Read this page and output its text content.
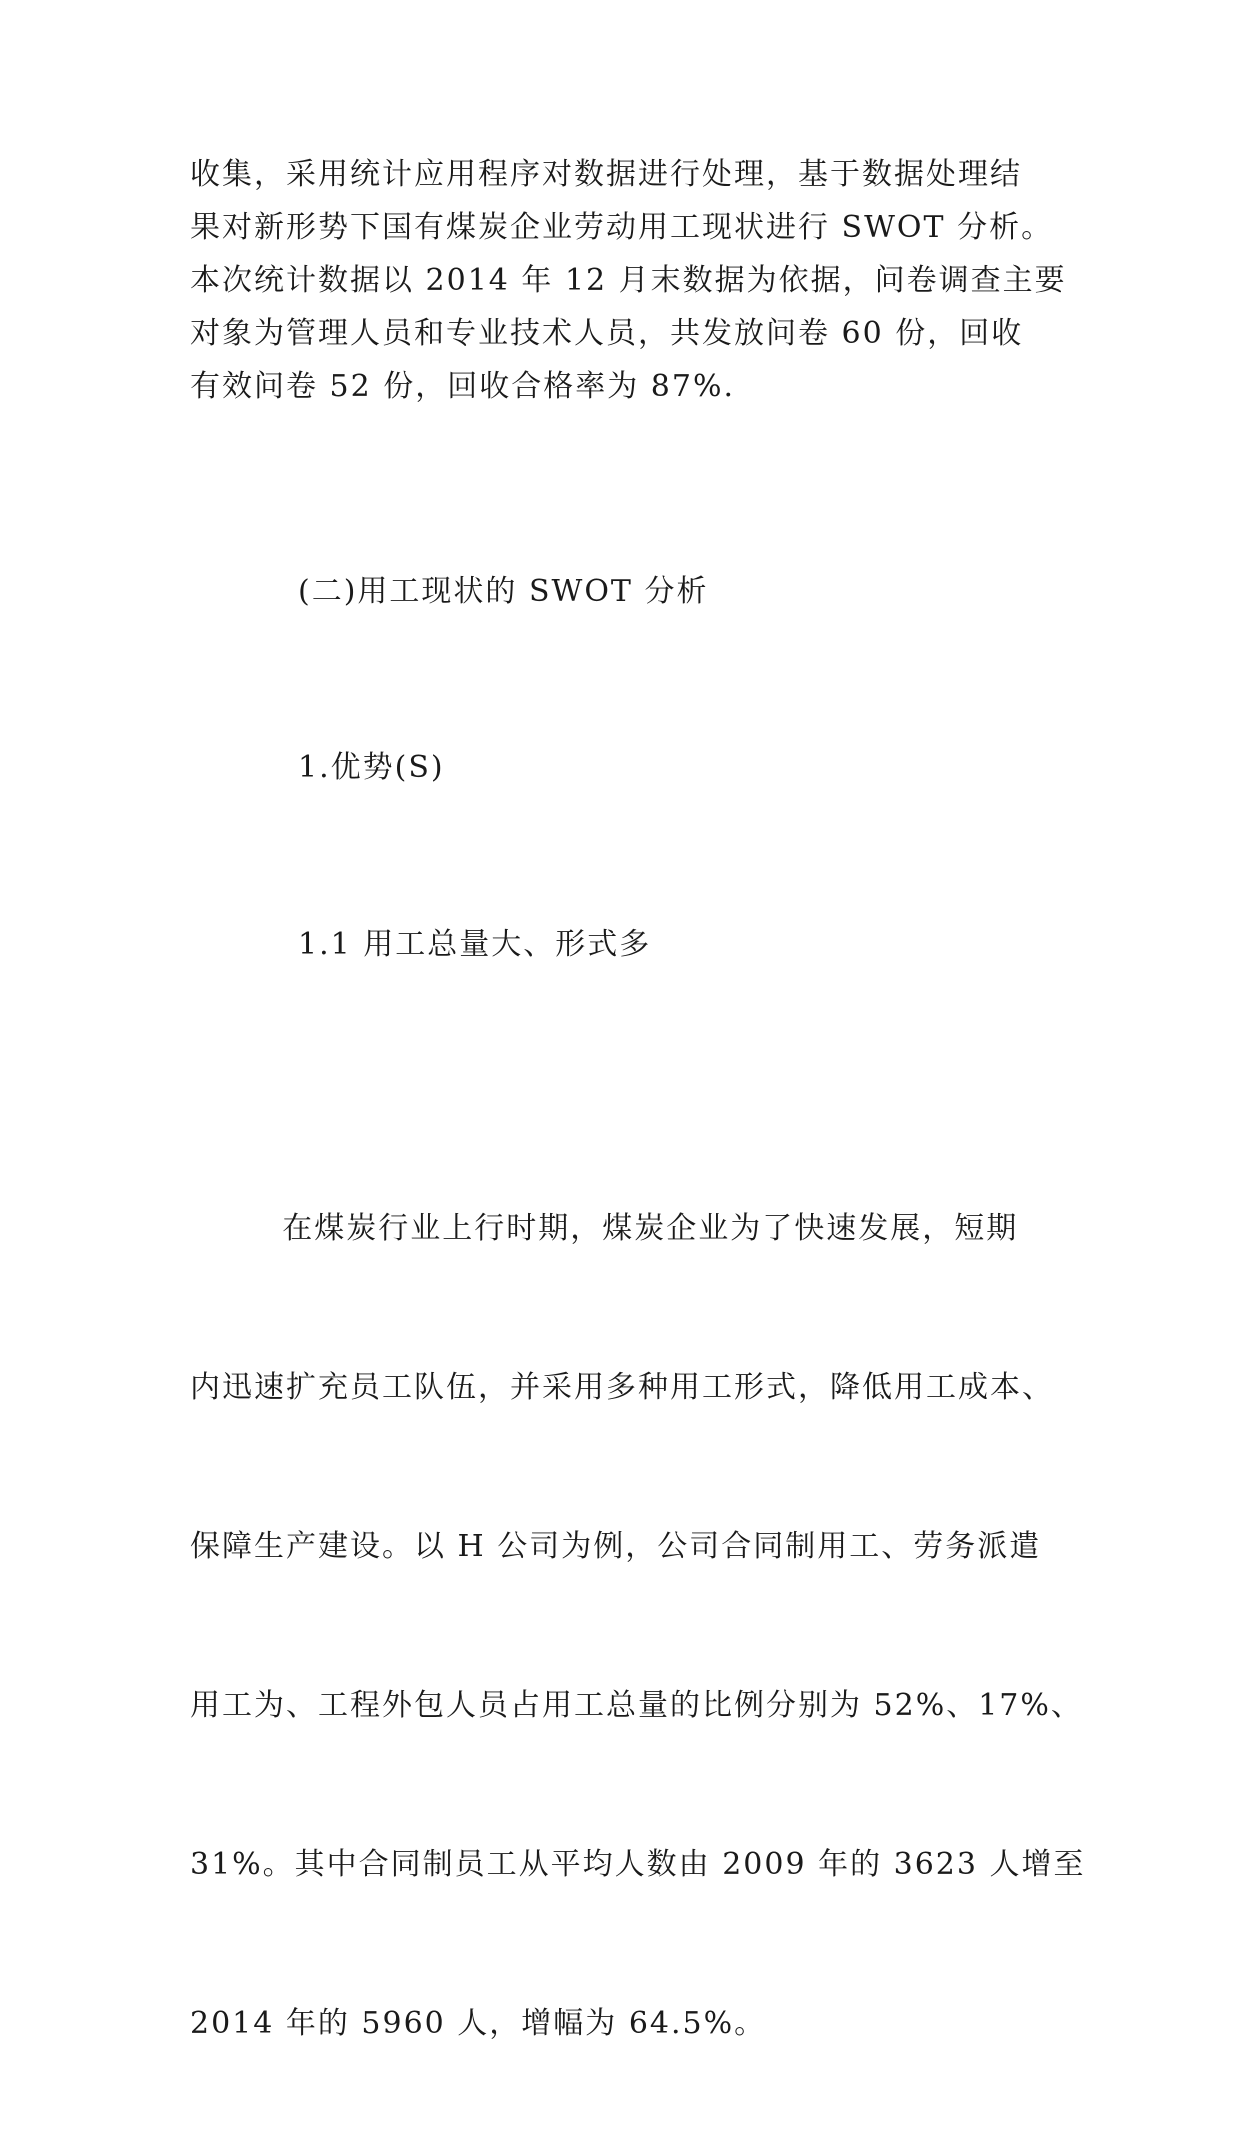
收集，采用统计应用程序对数据进行处理，基于数据处理结
果对新形势下国有煤炭企业劳动用工现状进行 SWOT 分析。
本次统计数据以 2014 年 12 月末数据为依据，问卷调查主要
对象为管理人员和专业技术人员，共发放问卷 60 份，回收
有效问卷 52 份，回收合格率为 87%.
(二)用工现状的 SWOT 分析
1.优势(S)
1.1 用工总量大、形式多

在煤炭行业上行时期，煤炭企业为了快速发展，短期

内迅速扩充员工队伍，并采用多种用工形式，降低用工成本、

保障生产建设。以 H 公司为例，公司合同制用工、劳务派遣

用工为、工程外包人员占用工总量的比例分别为 52%、17%、

31%。其中合同制员工从平均人数由 2009 年的 3623 人增至

2014 年的 5960 人，增幅为 64.5%。
